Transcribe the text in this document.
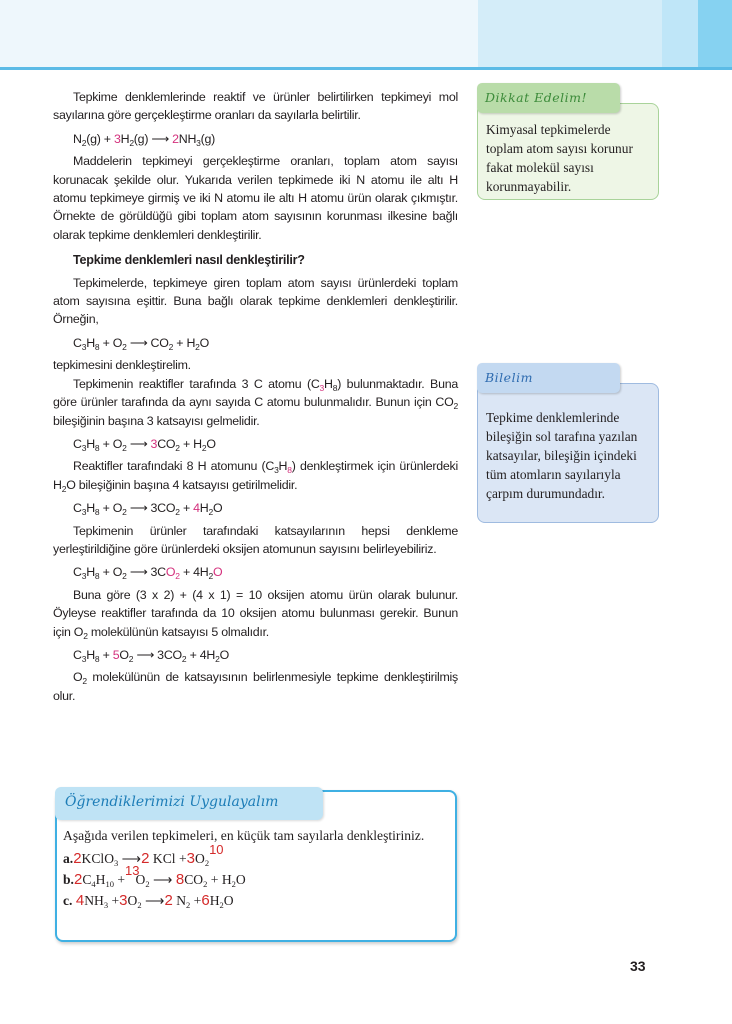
Tepkime denklemlerinde reaktif ve ürünler belirtilirken tepkimeyi mol sayılarına göre gerçekleştirme oranları da sayılarla belirtilir.

$N_2(g) + 3H_2(g)$ ⟶ $2NH_3(g)$

Maddelerin tepkimeyi gerçekleştirme oranları, toplam atom sayısı korunacak şekilde olur. Yukarıda verilen tepkimede iki N atomu ile altı H atomu tepkimeye girmiş ve iki N atomu ile altı H atomu ürün olarak çıkmıştır. Örnekte de görüldüğü gibi toplam atom sayısının korunması ilkesine bağlı olarak tepkime denklemleri denkleştirilir.

Tepkime denklemleri nasıl denkleştirilir?

Tepkimelerde, tepkimeye giren toplam atom sayısı ürünlerdeki toplam atom sayısına eşittir. Buna bağlı olarak tepkime denklemleri denkleştirilir. Örneğin,

$C_3H_8 + O_2$ ⟶ $CO_2 + H_2O$

tepkimesini denkleştirelim.

Tepkimenin reaktifler tarafında 3 C atomu $(C_3H_8)$ bulunmaktadır. Buna göre ürünler tarafında da aynı sayıda C atomu bulunmalıdır. Bunun için $CO_2$ bileşiğinin başına 3 katsayısı gelmelidir.

$C_3H_8 + O_2$ ⟶ $3CO_2 + H_2O$

Reaktifler tarafındaki 8 H atomunu $(C_3H_8)$ denkleştirmek için ürünlerdeki $H_2O$ bileşiğinin başına 4 katsayısı getirilmelidir.

$C_3H_8 + O_2$ ⟶ $3CO_2 + 4H_2O$

Tepkimenin ürünler tarafındaki katsayılarının hepsi denkleme yerleştirildiğine göre ürünlerdeki oksijen atomunun sayısını belirleyebiliriz.

$C_3H_8 + O_2$ ⟶ $3CO_2 + 4H_2O$

Buna göre (3 x 2) + (4 x 1) = 10 oksijen atomu ürün olarak bulunur. Öyleyse reaktifler tarafında da 10 oksijen atomu bulunması gerekir. Bunun için $O_2$ molekülünün katsayısı 5 olmalıdır.

$C_3H_8 + 5O_2$ ⟶ $3CO_2 + 4H_2O$

$O_2$ molekülünün de katsayısının belirlenmesiyle tepkime denkleştirilmiş olur.

Kimyasal tepkimelerde toplam atom sayısı korunur fakat molekül sayısı korunmayabilir.
Dikkat Edelim!
Tepkime denklemlerinde bileşiğin sol tarafına yazılan katsayılar, bileşiğin içindeki tüm atomların sayılarıyla çarpım durumundadır.
Bilelim
Öğrendiklerimizi Uygulayalım
Aşağıda verilen tepkimeleri, en küçük tam sayılarla denkleştiriniz.
a.2KClO$_3$ ⟶2 KCl $+3O_210$
$b.2C_4H_{10} +13O_2$ ⟶ $8CO_2 + H_2O$
c. $4NH_3 +3O_2$ ⟶2 $N_2 +6H_2O$
33
